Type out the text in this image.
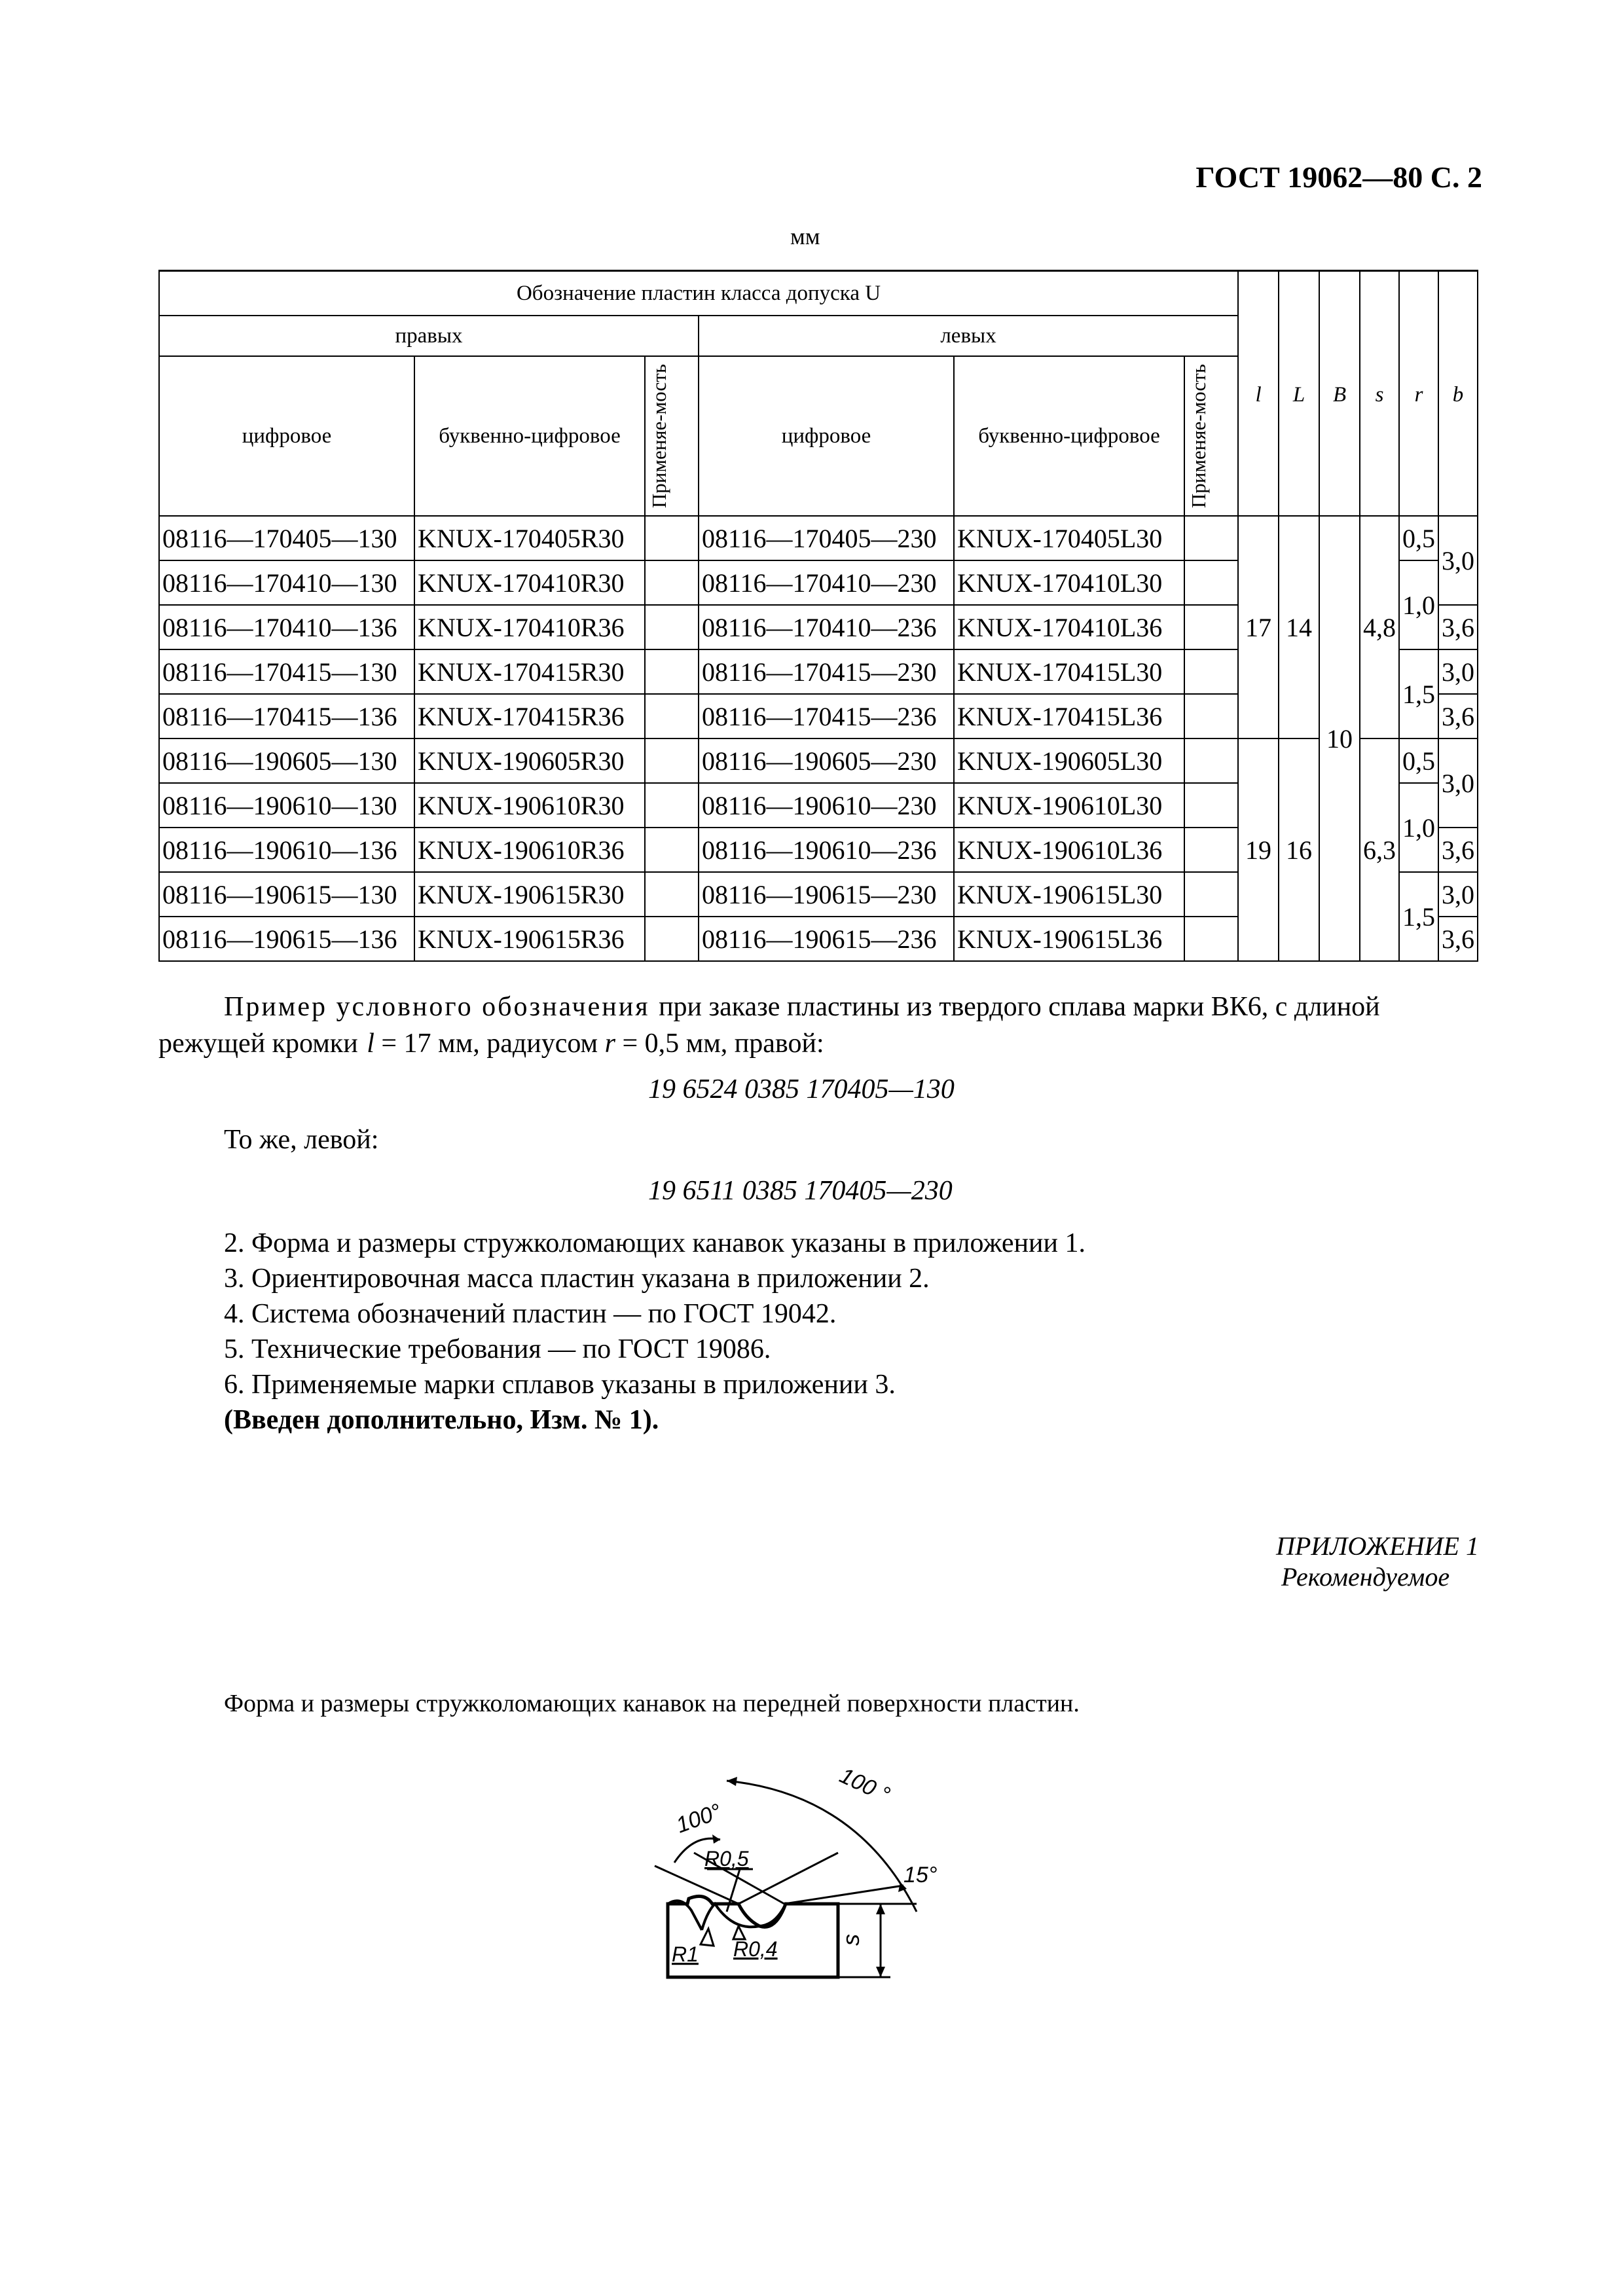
ГОСТ 19062—80 С. 2
мм
Обозначение пластин класса допуска U						l	L	B	s	r	b
правых			левых								
цифровое	буквенно-цифровое	Применяе-мость	цифровое	буквенно-цифровое	Применяе-мость						

08116—170405—130	KNUX-170405R30		08116—170405—230	KNUX-170405L30		17	14	10	4,8	0,5	3,0
08116—170410—130	KNUX-170410R30		08116—170410—230	KNUX-170410L30						1,0	
08116—170410—136	KNUX-170410R36		08116—170410—236	KNUX-170410L36							3,6
08116—170415—130	KNUX-170415R30		08116—170415—230	KNUX-170415L30						1,5	3,0
08116—170415—136	KNUX-170415R36		08116—170415—236	KNUX-170415L36							3,6
08116—190605—130	KNUX-190605R30		08116—190605—230	KNUX-190605L30		19	16		6,3	0,5	3,0
08116—190610—130	KNUX-190610R30		08116—190610—230	KNUX-190610L30						1,0	
08116—190610—136	KNUX-190610R36		08116—190610—236	KNUX-190610L36							3,6
08116—190615—130	KNUX-190615R30		08116—190615—230	KNUX-190615L30						1,5	3,0
08116—190615—136	KNUX-190615R36		08116—190615—236	KNUX-190615L36							3,6
Пример условного обозначения при заказе пластины из твердого сплава марки ВК6, с длиной режущей кромки l = 17 мм, радиусом r = 0,5 мм, правой:
19 6524 0385 170405—130
То же, левой:
19 6511 0385 170405—230
2. Форма и размеры стружколомающих канавок указаны в приложении 1.
3. Ориентировочная масса пластин указана в приложении 2.
4. Система обозначений пластин — по ГОСТ 19042.
5. Технические требования — по ГОСТ 19086.
6. Применяемые марки сплавов указаны в приложении 3.
(Введен дополнительно, Изм. № 1).
ПРИЛОЖЕНИЕ 1
Рекомендуемое
Форма и размеры стружколомающих канавок на передней поверхности пластин.
100°
100 °
15°
R0,5
R1 R0,4	s
